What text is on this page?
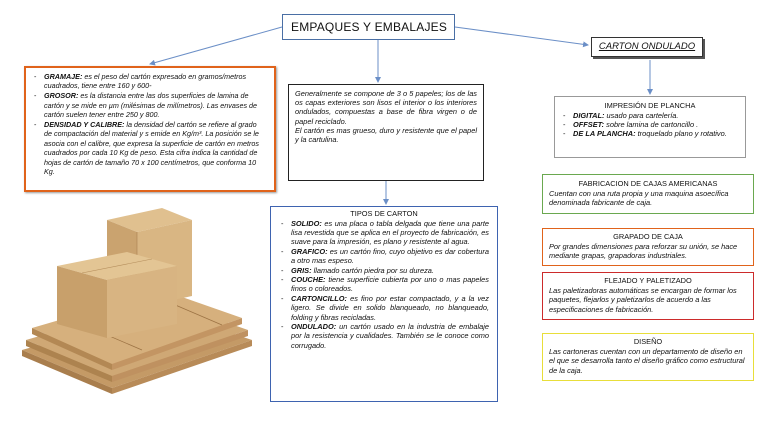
EMPAQUES Y EMBALAJES
CARTON ONDULADO
- GRAMAJE: es el peso del cartón expresado en gramos/metros cuadrados, tiene entre 160 y 600-
- GROSOR: es la distancia entre las dos superficies de lamina de cartón y se mide en µm (milésimas de milímetros). Las envases de cartón suelen tener entre 250 y 800.
- DENSIDAD Y CALIBRE: la densidad del cartón se refiere al grado de compactación del material y s emide en Kg/m³. La posición se le asocia con el calibre, que expresa la superficie de cartón en metros cuadrados por cada 10 Kg de peso. Esta cifra indica la cantidad de hojas de cartón de tamaño 70 x 100 centímetros, que conforma 10 Kg.
Generalmente se compone de 3 o 5 papeles; los de las os capas exteriores son lisos el interior o los interiores ondulados, compuestas a base de fibra virgen o de papel reciclado.
El cartón es mas grueso, duro y resistente que el papel y la cartulina.
TIPOS DE CARTON
- SOLIDO: es una placa o tabla delgada que tiene una parte lisa revestida que se aplica en el proyecto de fabricación, es suave para la impresión, es plano y resistente al agua.
- GRAFICO: es un cartón fino, cuyo objetivo es dar cobertura a otro mas espeso.
- GRIS: llamado cartón piedra por su dureza.
- COUCHE: tiene superficie cubierta por uno o mas papeles finos o coloreados.
- CARTONCILLO: es fino por estar compactado, y a la vez ligero. Se divide en solido blanqueado, no blanqueado, folding y fibras recicladas.
- ONDULADO: un cartón usado en la industria de embalaje por la resistencia y cualidades. También se le conoce como corrugado.
IMPRESIÓN DE PLANCHA
- DIGITAL: usado para cartelería.
- OFFSET: sobre lamina de cartoncillo .
- DE LA PLANCHA: troquelado plano y rotativo.
FABRICACION DE CAJAS AMERICANAS
Cuentan con una ruta propia y una maquina asoecífica denominada fabricante de caja.
GRAPADO DE CAJA
Por grandes dimensiones para reforzar su unión, se hace mediante grapas, grapadoras industriales.
FLEJADO Y PALETIZADO
Las paletizadoras automáticas se encargan de formar los paquetes, flejarlos y paletizarlos de acuerdo a las especificaciones de fabricación.
DISEÑO
Las cartoneras cuentan con un departamento de diseño en el que se desarrolla tanto el diseño gráfico como estructural de la caja.
